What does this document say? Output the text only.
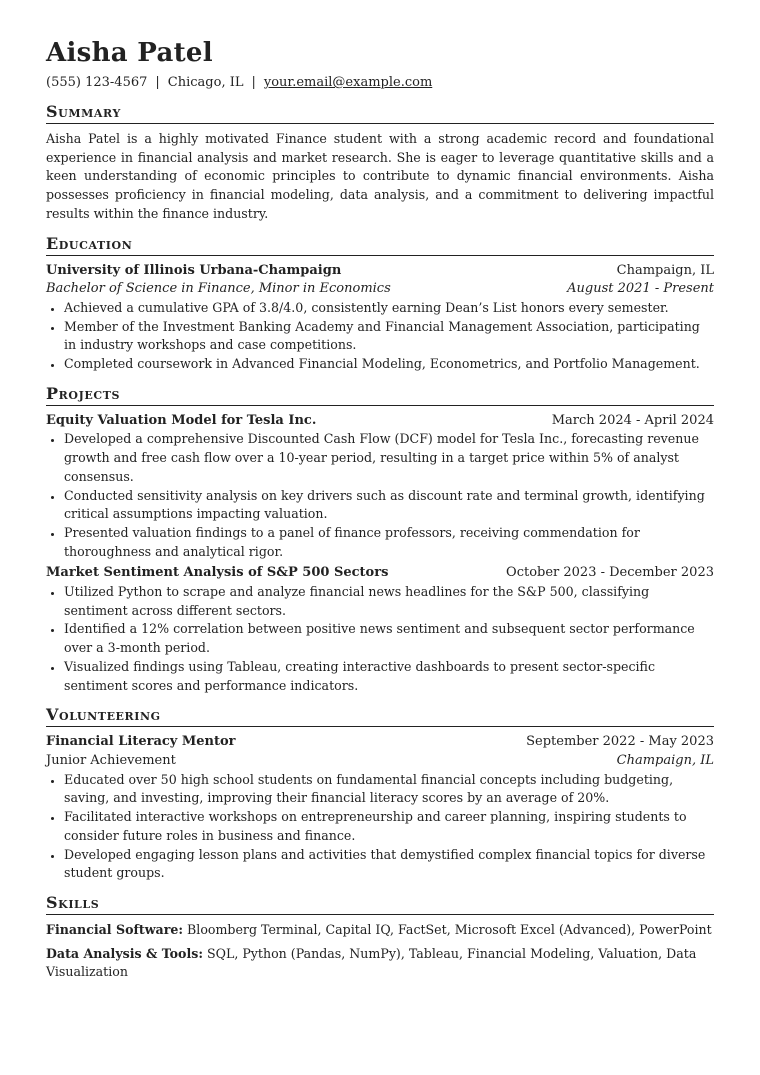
Aisha Patel
(555) 123-4567 | Chicago, IL | your.email@example.com
Summary

Aisha Patel is a highly motivated Finance student with a strong academic record and foundational experience in financial analysis and market research. She is eager to leverage quantitative skills and a keen understanding of economic principles to contribute to dynamic financial environments. Aisha possesses proficiency in financial modeling, data analysis, and a commitment to delivering impactful results within the finance industry.

Education
University of Illinois Urbana-Champaign	Champaign, IL
Bachelor of Science in Finance, Minor in Economics	August 2021 - Present
• Achieved a cumulative GPA of 3.8/4.0, consistently earning Dean’s List honors every semester.
• Member of the Investment Banking Academy and Financial Management Association, participating in industry workshops and case competitions.
• Completed coursework in Advanced Financial Modeling, Econometrics, and Portfolio Management.
Projects
Equity Valuation Model for Tesla Inc.	March 2024 - April 2024
• Developed a comprehensive Discounted Cash Flow (DCF) model for Tesla Inc., forecasting revenue growth and free cash flow over a 10-year period, resulting in a target price within 5% of analyst consensus.
• Conducted sensitivity analysis on key drivers such as discount rate and terminal growth, identifying critical assumptions impacting valuation.
• Presented valuation findings to a panel of finance professors, receiving commendation for thoroughness and analytical rigor.
Market Sentiment Analysis of S&P 500 Sectors	October 2023 - December 2023
• Utilized Python to scrape and analyze financial news headlines for the S&P 500, classifying sentiment across different sectors.
• Identified a 12% correlation between positive news sentiment and subsequent sector performance over a 3-month period.
• Visualized findings using Tableau, creating interactive dashboards to present sector-specific sentiment scores and performance indicators.
Volunteering
Financial Literacy Mentor	September 2022 - May 2023
Junior Achievement	Champaign, IL
• Educated over 50 high school students on fundamental financial concepts including budgeting, saving, and investing, improving their financial literacy scores by an average of 20%.
• Facilitated interactive workshops on entrepreneurship and career planning, inspiring students to consider future roles in business and finance.
• Developed engaging lesson plans and activities that demystified complex financial topics for diverse student groups.
Skills

Financial Software: Bloomberg Terminal, Capital IQ, FactSet, Microsoft Excel (Advanced), PowerPoint

Data Analysis & Tools: SQL, Python (Pandas, NumPy), Tableau, Financial Modeling, Valuation, Data Visualization
